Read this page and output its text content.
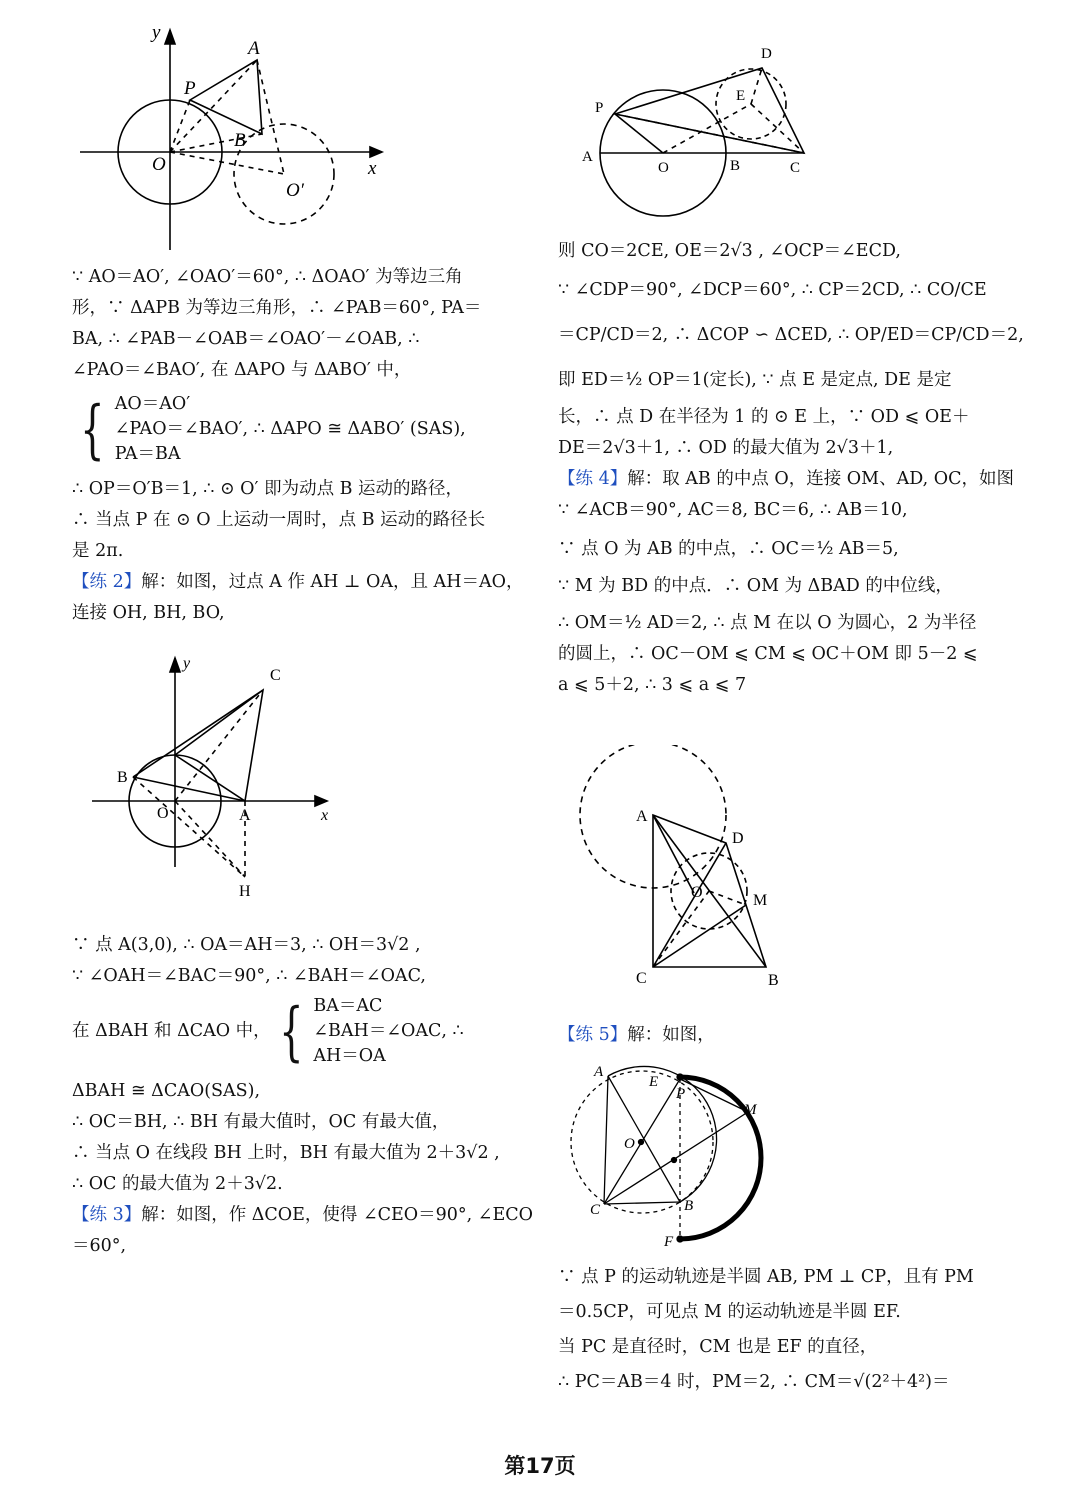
y
x
O
P
A
B
O′
∵ AO＝AO′, ∠OAO′＝60°, ∴ ΔOAO′ 为等边三角
形，∵ ΔAPB 为等边三角形，∴ ∠PAB＝60°, PA＝
BA, ∴ ∠PAB－∠OAB＝∠OAO′－∠OAB, ∴
∠PAO＝∠BAO′, 在 ΔAPO 与 ΔABO′ 中，
{ AO＝AO′
∠PAO＝∠BAO′
PA＝BA
, ∴ ΔAPO ≅ ΔABO′ (SAS),
∴ OP＝O′B＝1, ∴ ⊙ O′ 即为动点 B 运动的路径，
∴ 当点 P 在 ⊙ O 上运动一周时，点 B 运动的路径长
是 2π.
【练 2】解：如图，过点 A 作 AH ⊥ OA，且 AH＝AO，
连接 OH, BH, BO,
y
x
C
B
O	A
H
∵ 点 A(3,0), ∴ OA＝AH＝3, ∴ OH＝3√2 ,
∵ ∠OAH＝∠BAC＝90°, ∴ ∠BAH＝∠OAC,
在 ΔBAH 和 ΔCAO 中， { BA＝AC
∠BAH＝∠OAC
AH＝OA
, ∴
ΔBAH ≅ ΔCAO(SAS),
∴ OC＝BH, ∴ BH 有最大值时，OC 有最大值，
∴ 当点 O 在线段 BH 上时，BH 有最大值为 2＋3√2 ,
∴ OC 的最大值为 2＋3√2.
【练 3】解：如图，作 ΔCOE，使得 ∠CEO＝90°, ∠ECO
＝60°,
D
E
P
A
O	B	C
则 CO＝2CE, OE＝2√3 , ∠OCP＝∠ECD,
∵ ∠CDP＝90°, ∠DCP＝60°, ∴ CP＝2CD, ∴ CO/CE
＝CP/CD＝2, ∴ ΔCOP ∽ ΔCED, ∴ OP/ED＝CP/CD＝2,
即 ED＝½ OP＝1(定长), ∵ 点 E 是定点, DE 是定
长，∴ 点 D 在半径为 1 的 ⊙ E 上，∵ OD ⩽ OE＋
DE＝2√3＋1, ∴ OD 的最大值为 2√3＋1,
【练 4】解：取 AB 的中点 O，连接 OM、AD, OC，如图
∵ ∠ACB＝90°, AC＝8, BC＝6, ∴ AB＝10,
∵ 点 O 为 AB 的中点，∴ OC＝½ AB＝5,
∵ M 为 BD 的中点．∴ OM 为 ΔBAD 的中位线，
∴ OM＝½ AD＝2, ∴ 点 M 在以 O 为圆心，2 为半径
的圆上，∴ OC－OM ⩽ CM ⩽ OC＋OM 即 5－2 ⩽
a ⩽ 5＋2, ∴ 3 ⩽ a ⩽ 7
A
D
O	M
C	B
【练 5】解：如图，
A
E
P
M
O
C	B
F
∵ 点 P 的运动轨迹是半圆 AB, PM ⊥ CP，且有 PM
＝0.5CP，可见点 M 的运动轨迹是半圆 EF.
当 PC 是直径时，CM 也是 EF 的直径，
∴ PC＝AB＝4 时，PM＝2, ∴ CM＝√(2²＋4²)＝
第17页
